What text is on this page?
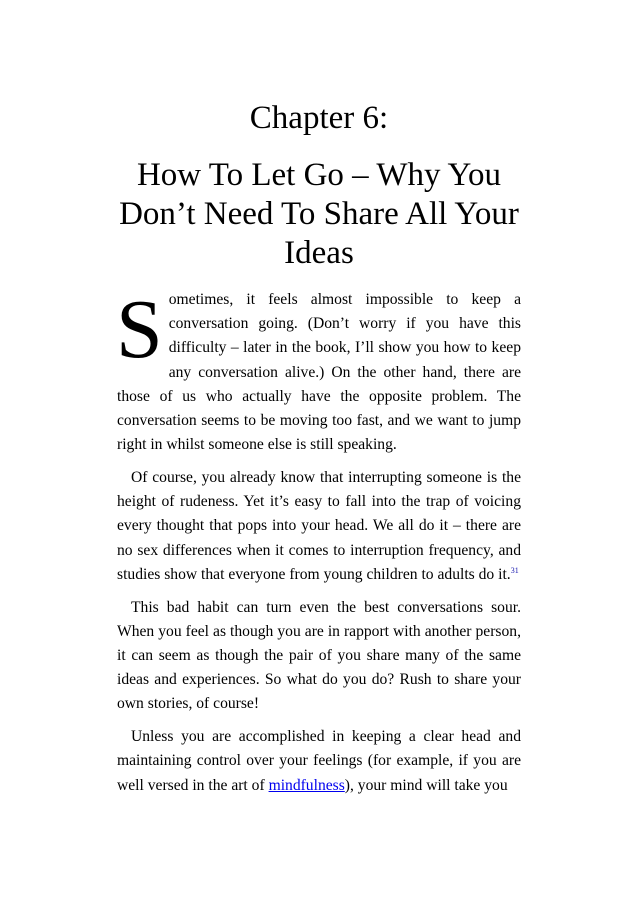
Chapter 6:
How To Let Go – Why You Don’t Need To Share All Your Ideas

Sometimes, it feels almost impossible to keep a conversation going. (Don’t worry if you have this difficulty – later in the book, I’ll show you how to keep any conversation alive.) On the other hand, there are those of us who actually have the opposite problem. The conversation seems to be moving too fast, and we want to jump right in whilst someone else is still speaking.

Of course, you already know that interrupting someone is the height of rudeness. Yet it’s easy to fall into the trap of voicing every thought that pops into your head. We all do it – there are no sex differences when it comes to interruption frequency, and studies show that everyone from young children to adults do it.$^{31}$

This bad habit can turn even the best conversations sour. When you feel as though you are in rapport with another person, it can seem as though the pair of you share many of the same ideas and experiences. So what do you do? Rush to share your own stories, of course!

Unless you are accomplished in keeping a clear head and maintaining control over your feelings (for example, if you are well versed in the art of mindfulness), your mind will take you
